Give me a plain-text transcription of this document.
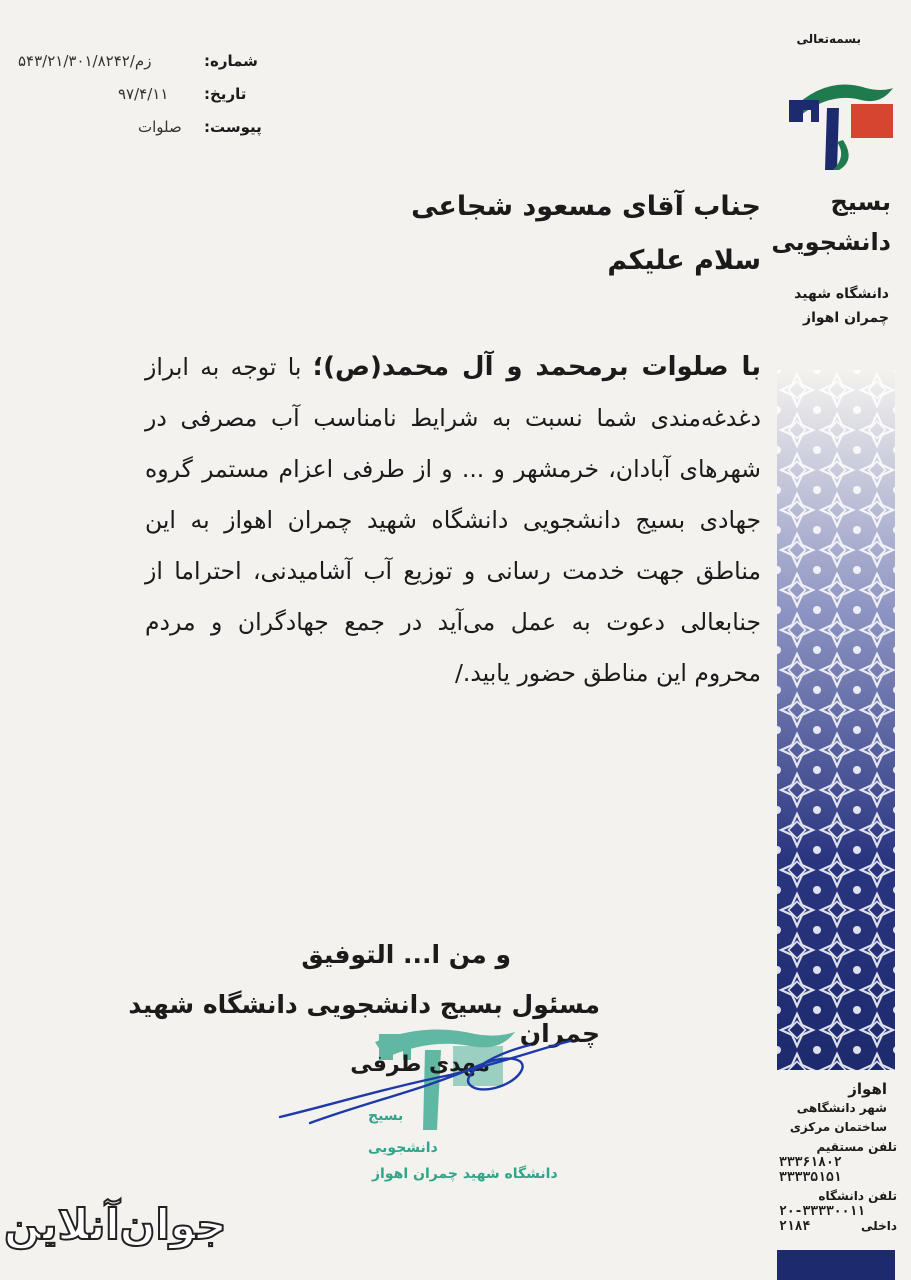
۵۴۳/۲۱/۳۰۱/۸۲۴۲/زم	شماره:
۹۷/۴/۱۱ تاریخ:
صلوات پیوست:
بسمه‌تعالی
بسیج
دانشجویی
دانشگاه شهید
چمران اهواز
اهواز
شهر دانشگاهی
ساختمان مرکزی
تلفن مستقیم
۳۳۳۶۱۸۰۲
۳۳۳۳۵۱۵۱
تلفن دانشگاه
۲۰-۳۳۳۳۰۰۱۱
۲۱۸۴	داخلی
جناب آقای مسعود شجاعی
سلام علیکم
با صلوات برمحمد و آل محمد(ص)؛ با توجه به ابراز دغدغه‌مندی شما نسبت به شرایط نامناسب آب مصرفی در شهرهای آبادان، خرمشهر و ... و از طرفی اعزام مستمر گروه جهادی بسیج دانشجویی دانشگاه شهید چمران اهواز به این مناطق جهت خدمت رسانی و توزیع آب آشامیدنی، احتراما از جنابعالی دعوت به عمل می‌آید در جمع جهادگران و مردم محروم این مناطق حضور یابید./
بسیج
دانشجویی
دانشگاه شهید چمران اهواز
و من ا... التوفیق
مسئول بسیج دانشجویی دانشگاه شهید چمران
مهدی طرفی
جوان‌آنلاین
